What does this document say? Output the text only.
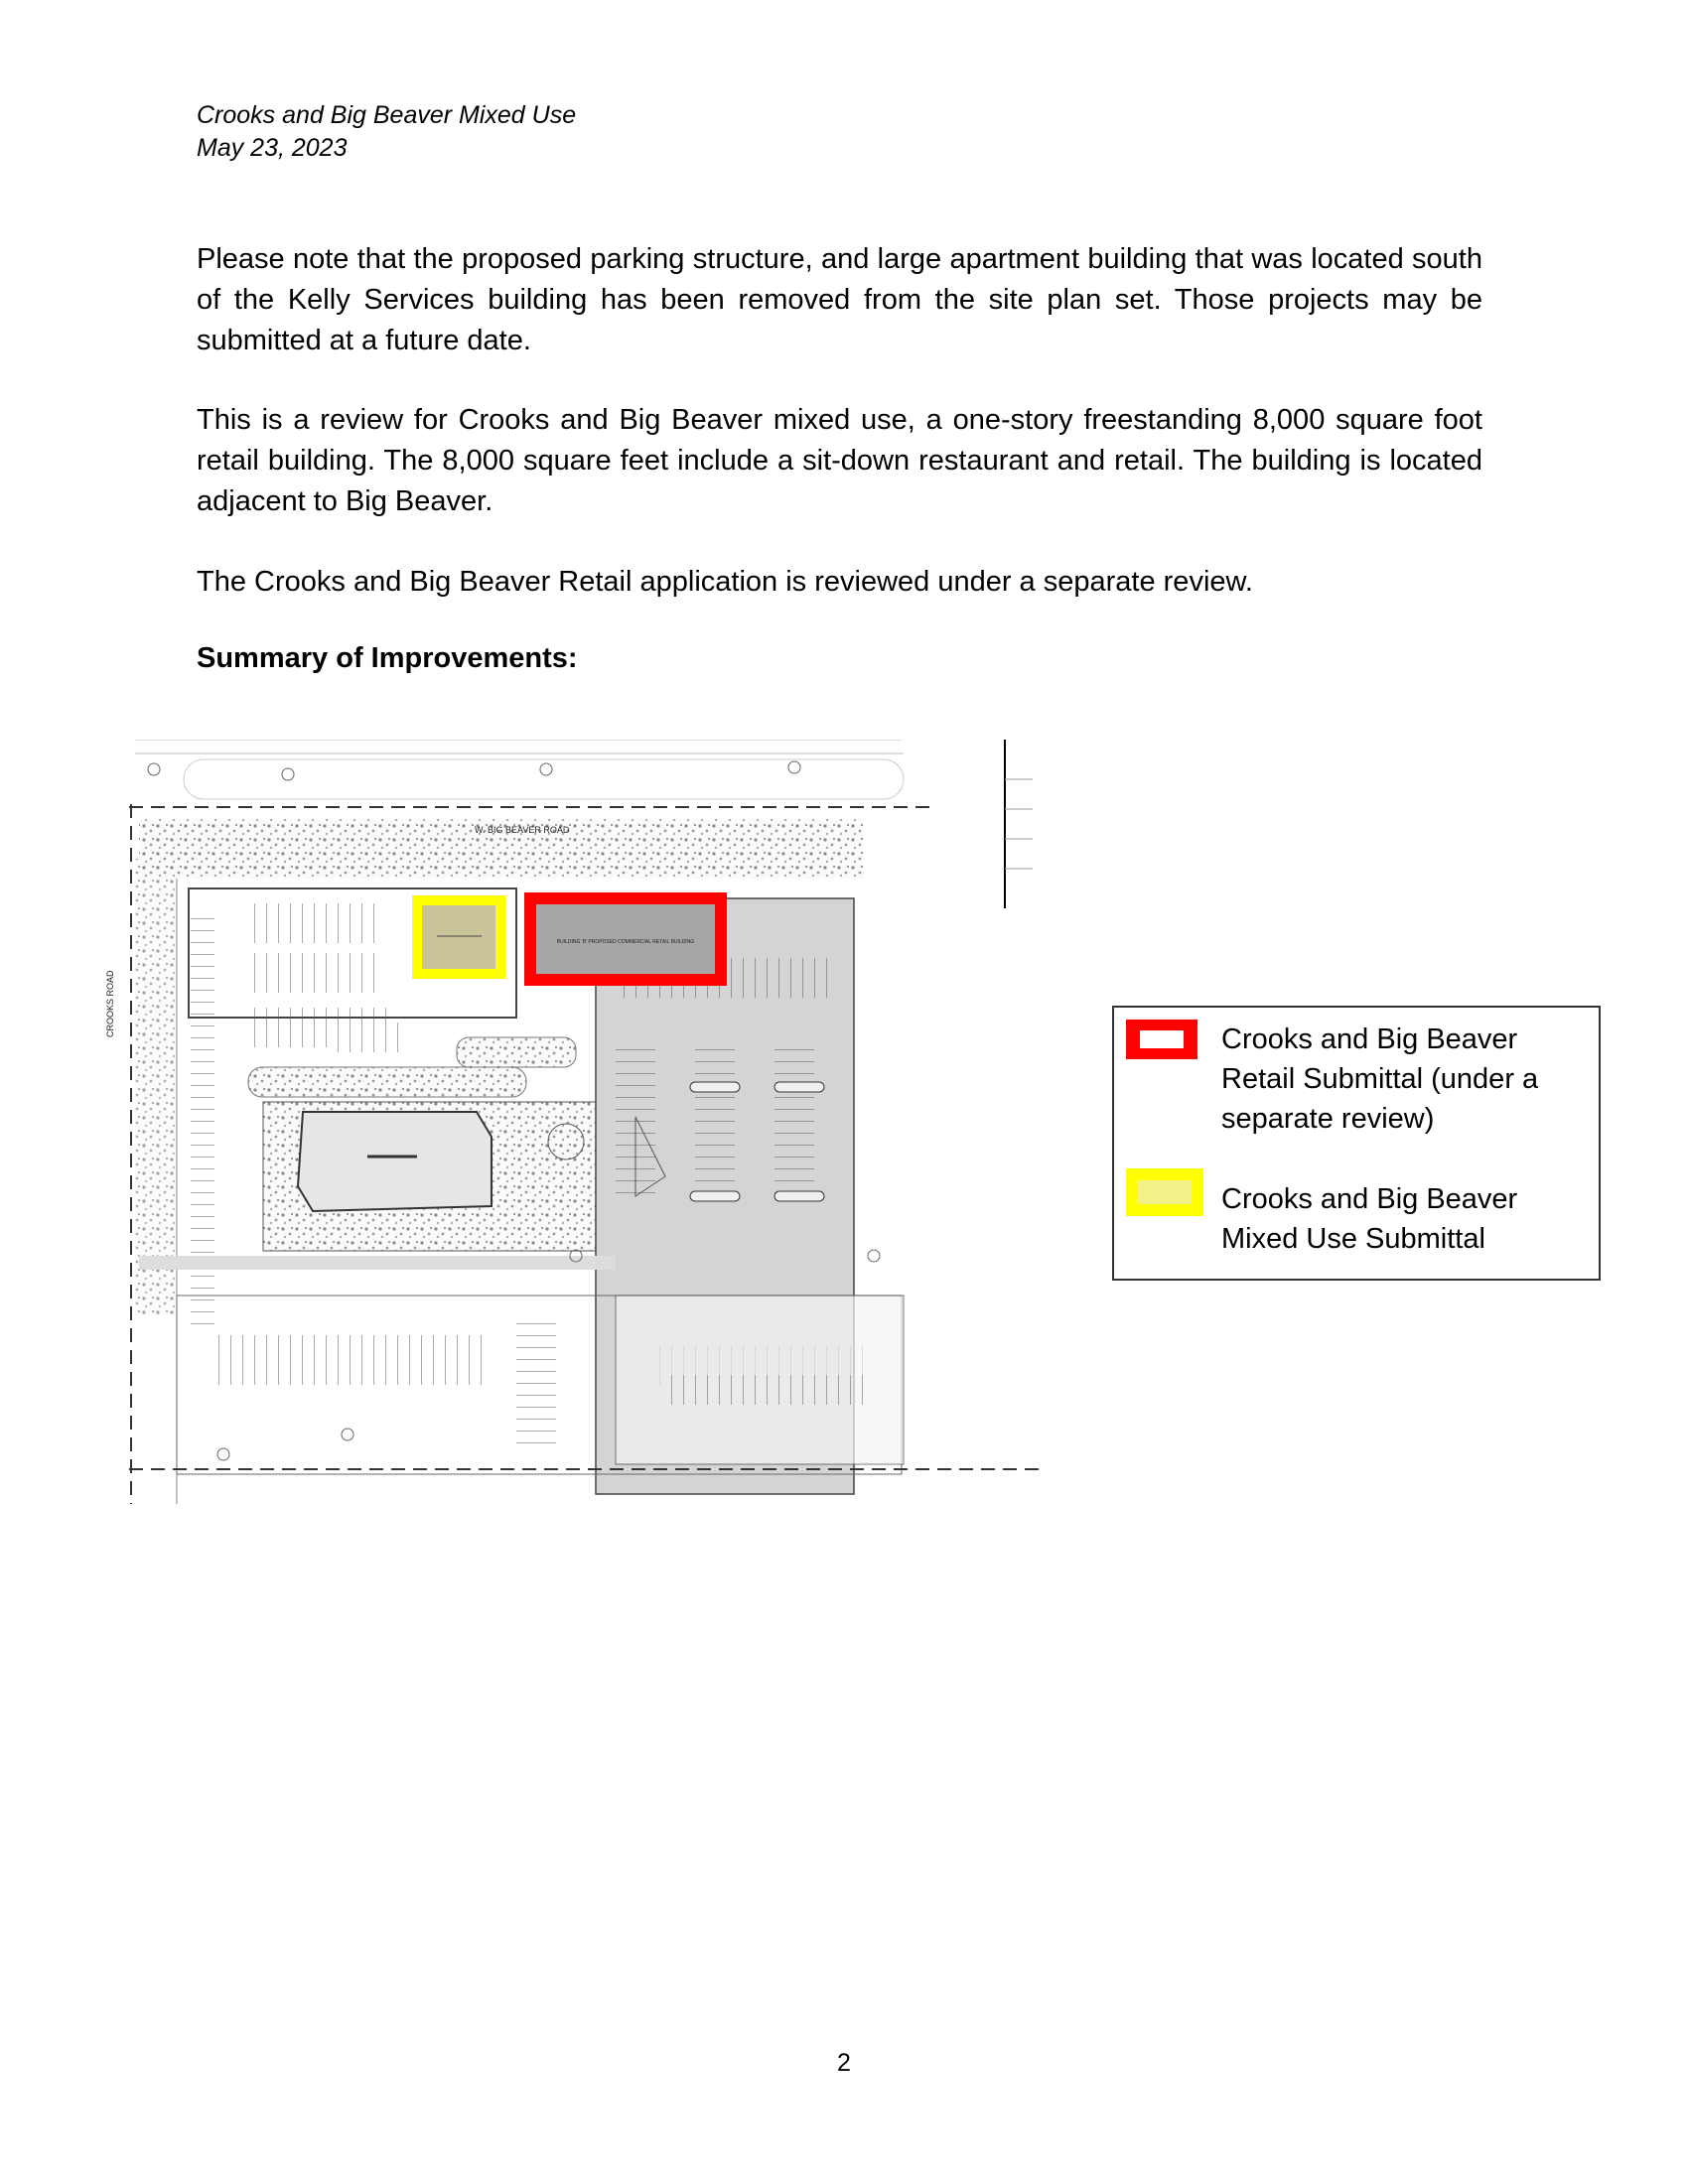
Crooks and Big Beaver Mixed Use
May 23, 2023

Please note that the proposed parking structure, and large apartment building that was located south of the Kelly Services building has been removed from the site plan set. Those projects may be submitted at a future date.

This is a review for Crooks and Big Beaver mixed use, a one-story freestanding 8,000 square foot retail building. The 8,000 square feet include a sit-down restaurant and retail. The building is located adjacent to Big Beaver.

The Crooks and Big Beaver Retail application is reviewed under a separate review.

Summary of Improvements:
W. BIG BEAVER ROAD
CROOKS ROAD
BUILDING 'B' PROPOSED COMMERCIAL RETAIL BUILDING
Crooks and Big Beaver Retail Submittal (under a separate review)
Crooks and Big Beaver Mixed Use Submittal
2
